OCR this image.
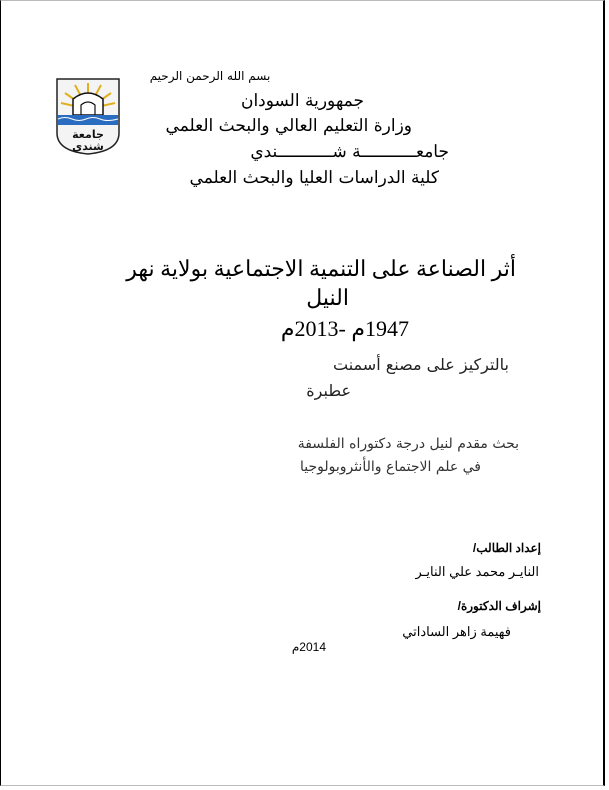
جامعة
شندي
بسم الله الرحمن الرحيم
جمهورية السودان
وزارة التعليم العالي والبحث العلمي
جامعـــــــــــة شـــــــــــندي
كلية الدراسات العليا والبحث العلمي
أثر الصناعة على التنمية الاجتماعية بولاية نهر
النيل
1947م -2013م
بالتركيز على مصنع أسمنت
عطبرة
بحث مقدم لنيل درجة دكتوراه الفلسفة
في علم الاجتماع والأنثروبولوجيا
إعداد الطالب/
النايـر محمد علي النايـر
إشراف الدكتورة/
فهيمة زاهر الساداتي
2014م
